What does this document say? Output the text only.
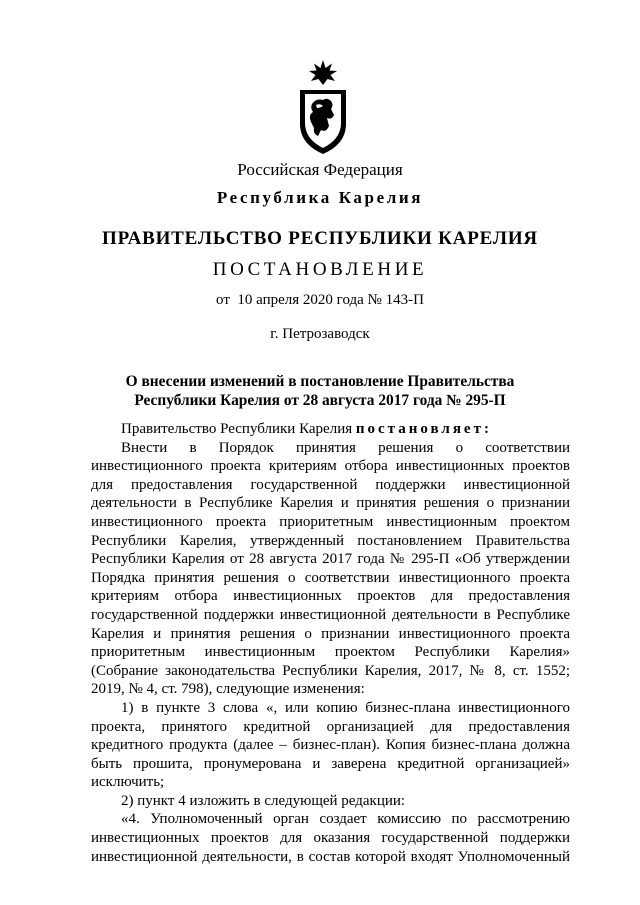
Российская Федерация
Республика Карелия
ПРАВИТЕЛЬСТВО РЕСПУБЛИКИ КАРЕЛИЯ
ПОСТАНОВЛЕНИЕ
от  10 апреля 2020 года № 143-П
г. Петрозаводск
О внесении изменений в постановление Правительства
Республики Карелия от 28 августа 2017 года № 295-П

Правительство Республики Карелия постановляет:

Внести в Порядок принятия решения о соответствии

инвестиционного проекта критериям отбора инвестиционных проектов

для предоставления государственной поддержки инвестиционной

деятельности в Республике Карелия и принятия решения о признании

инвестиционного проекта приоритетным инвестиционным проектом

Республики Карелия, утвержденный постановлением Правительства

Республики Карелия от 28 августа 2017 года № 295-П «Об утверждении

Порядка принятия решения о соответствии инвестиционного проекта

критериям отбора инвестиционных проектов для предоставления

государственной поддержки инвестиционной деятельности в Республике

Карелия и принятия решения о признании инвестиционного проекта

приоритетным инвестиционным проектом Республики Карелия»

(Собрание законодательства Республики Карелия, 2017, № 8, ст. 1552;

2019, № 4, ст. 798), следующие изменения:

1) в пункте 3 слова «, или копию бизнес-плана инвестиционного

проекта, принятого кредитной организацией для предоставления

кредитного продукта (далее – бизнес-план). Копия бизнес-плана должна

быть прошита, пронумерована и заверена кредитной организацией»

исключить;

2) пункт 4 изложить в следующей редакции:

«4. Уполномоченный орган создает комиссию по рассмотрению

инвестиционных проектов для оказания государственной поддержки

инвестиционной деятельности, в состав которой входят Уполномоченный
